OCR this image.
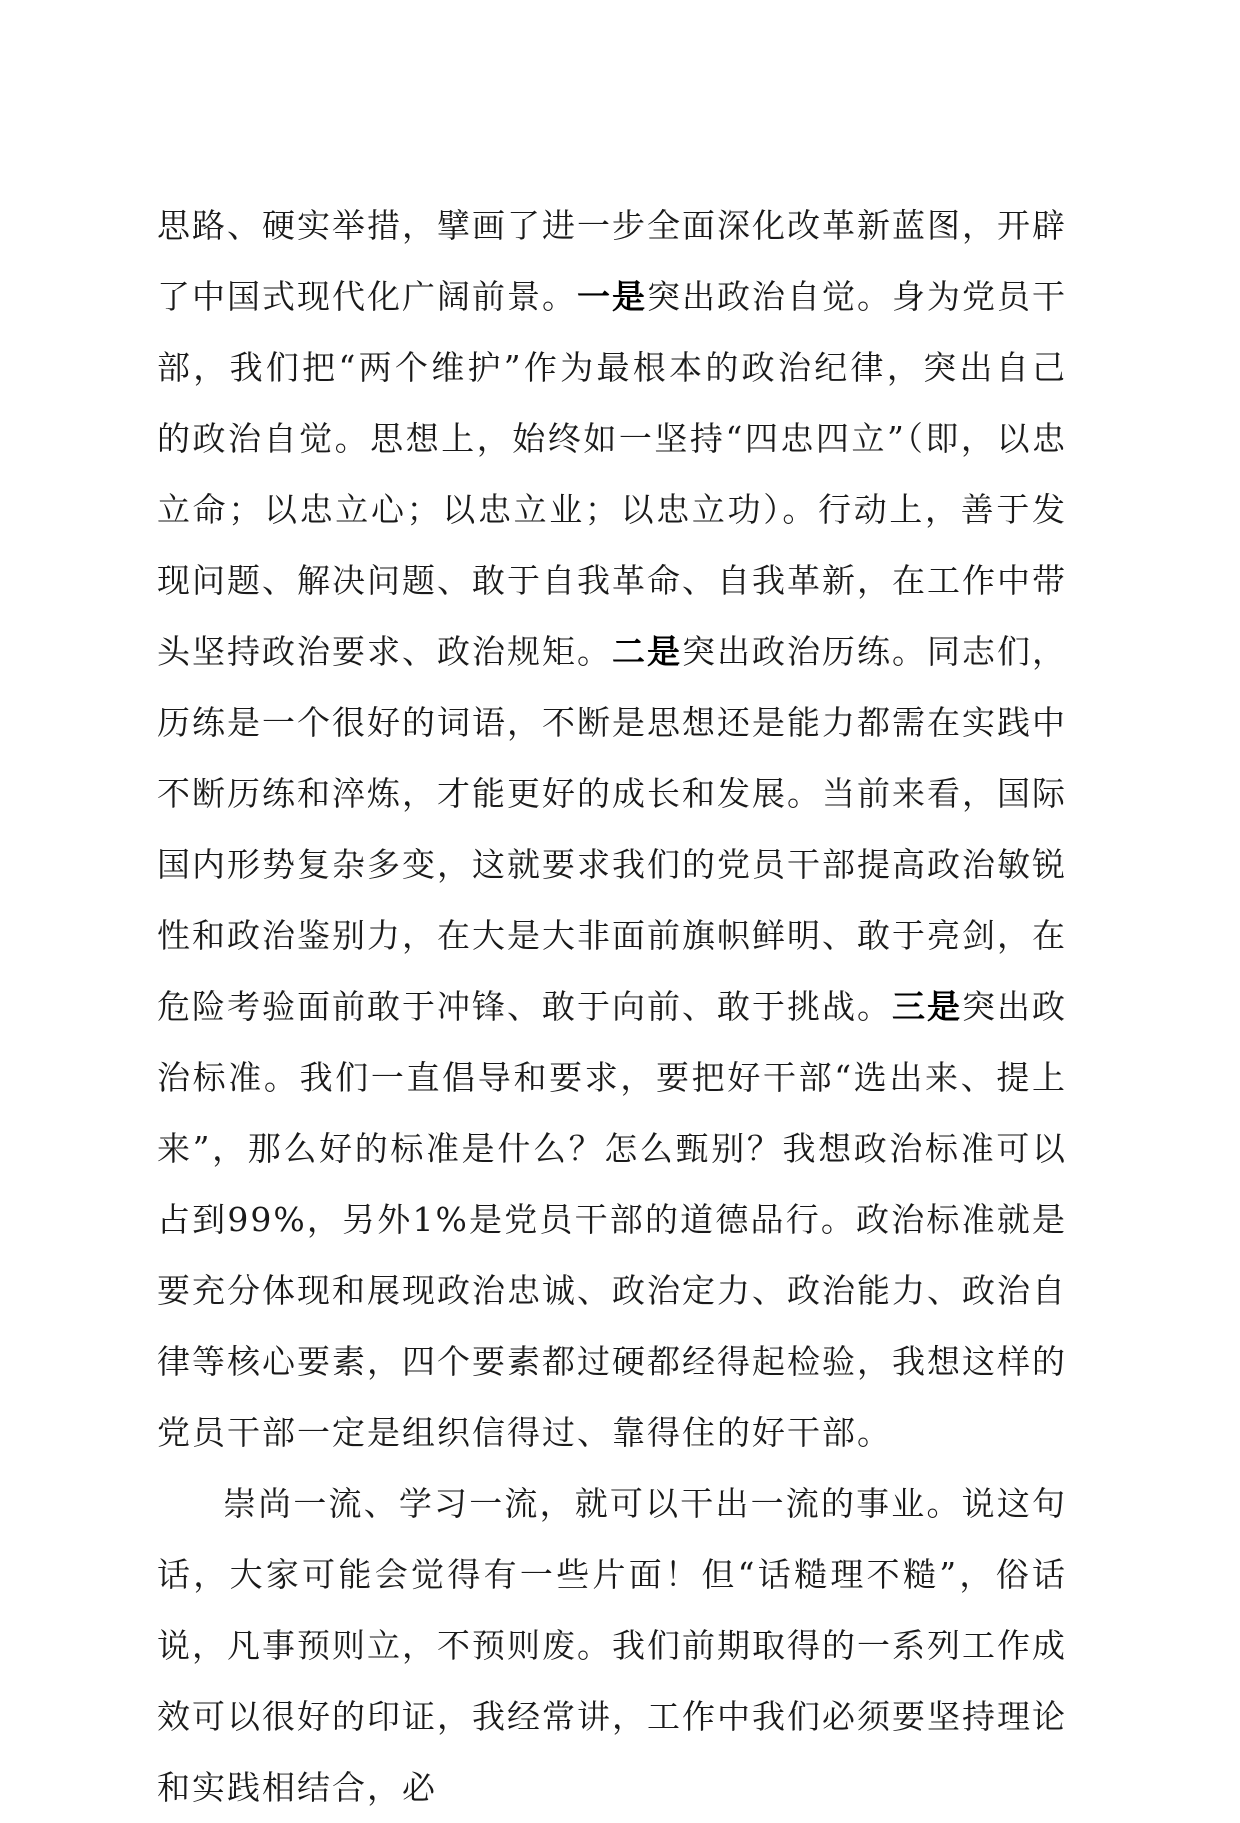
思路、硬实举措，擘画了进一步全面深化改革新蓝图，开辟了中国式现代化广阔前景。一是突出政治自觉。身为党员干部，我们把“两个维护”作为最根本的政治纪律，突出自己的政治自觉。思想上，始终如一坚持“四忠四立”（即，以忠立命；以忠立心；以忠立业；以忠立功）。行动上，善于发现问题、解决问题、敢于自我革命、自我革新，在工作中带头坚持政治要求、政治规矩。二是突出政治历练。同志们，历练是一个很好的词语，不断是思想还是能力都需在实践中不断历练和淬炼，才能更好的成长和发展。当前来看，国际国内形势复杂多变，这就要求我们的党员干部提高政治敏锐性和政治鉴别力，在大是大非面前旗帜鲜明、敢于亮剑，在危险考验面前敢于冲锋、敢于向前、敢于挑战。三是突出政治标准。我们一直倡导和要求，要把好干部“选出来、提上来”，那么好的标准是什么？怎么甄别？我想政治标准可以占到99%，另外1%是党员干部的道德品行。政治标准就是要充分体现和展现政治忠诚、政治定力、政治能力、政治自律等核心要素，四个要素都过硬都经得起检验，我想这样的党员干部一定是组织信得过、靠得住的好干部。

崇尚一流、学习一流，就可以干出一流的事业。说这句话，大家可能会觉得有一些片面！但“话糙理不糙”，俗话说，凡事预则立，不预则废。我们前期取得的一系列工作成效可以很好的印证，我经常讲，工作中我们必须要坚持理论和实践相结合，必
